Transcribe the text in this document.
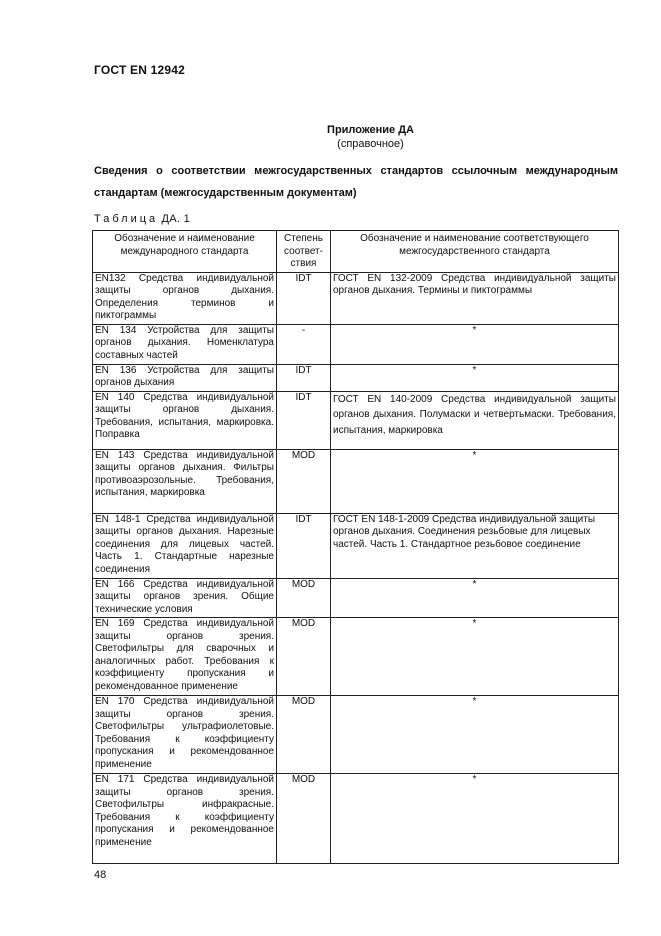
ГОСТ EN 12942
Приложение ДА
(справочное)
Сведения о соответствии межгосударственных стандартов ссылочным международным стандартам (межгосударственным документам)
Таблица ДА. 1
Обозначение и наименование международного стандарта	Степень соответ-ствия	Обозначение и наименование соответствующего межгосударственного стандарта
EN132 Средства индивидуальной защиты органов дыхания. Определения терминов и пиктограммы	IDT	ГОСТ EN 132-2009 Средства индивидуальной защиты органов дыхания. Термины и пиктограммы
EN 134 Устройства для защиты органов дыхания. Номенклатура составных частей	-	*
EN 136 Устройства для защиты органов дыхания	IDT	*
EN 140 Средства индивидуальной защиты органов дыхания. Требования, испытания, маркировка. Поправка	IDT	ГОСТ EN 140-2009 Средства индивидуальной защиты органов дыхания. Полумаски и четвертьмаски. Требования, испытания, маркировка
EN 143 Средства индивидуальной защиты органов дыхания. Фильтры противоаэрозольные. Требования, испытания, маркировка	MOD	*
EN 148-1 Средства индивидуальной защиты органов дыхания. Нарезные соединения для лицевых частей. Часть 1. Стандартные нарезные соединения	IDT	ГОСТ EN 148-1-2009 Средства индивидуальной защиты органов дыхания. Соединения резьбовые для лицевых частей. Часть 1. Стандартное резьбовое соединение
EN 166 Средства индивидуальной защиты органов зрения. Общие технические условия	MOD	*
EN 169 Средства индивидуальной защиты органов зрения. Светофильтры для сварочных и аналогичных работ. Требования к коэффициенту пропускания и рекомендованное применение	MOD	*
EN 170 Средства индивидуальной защиты органов зрения. Светофильтры ультрафиолетовые. Требования к коэффициенту пропускания и рекомендованное применение	MOD	*
EN 171 Средства индивидуальной защиты органов зрения. Светофильтры инфракрасные. Требования к коэффициенту пропускания и рекомендованное применение	MOD	*
48
